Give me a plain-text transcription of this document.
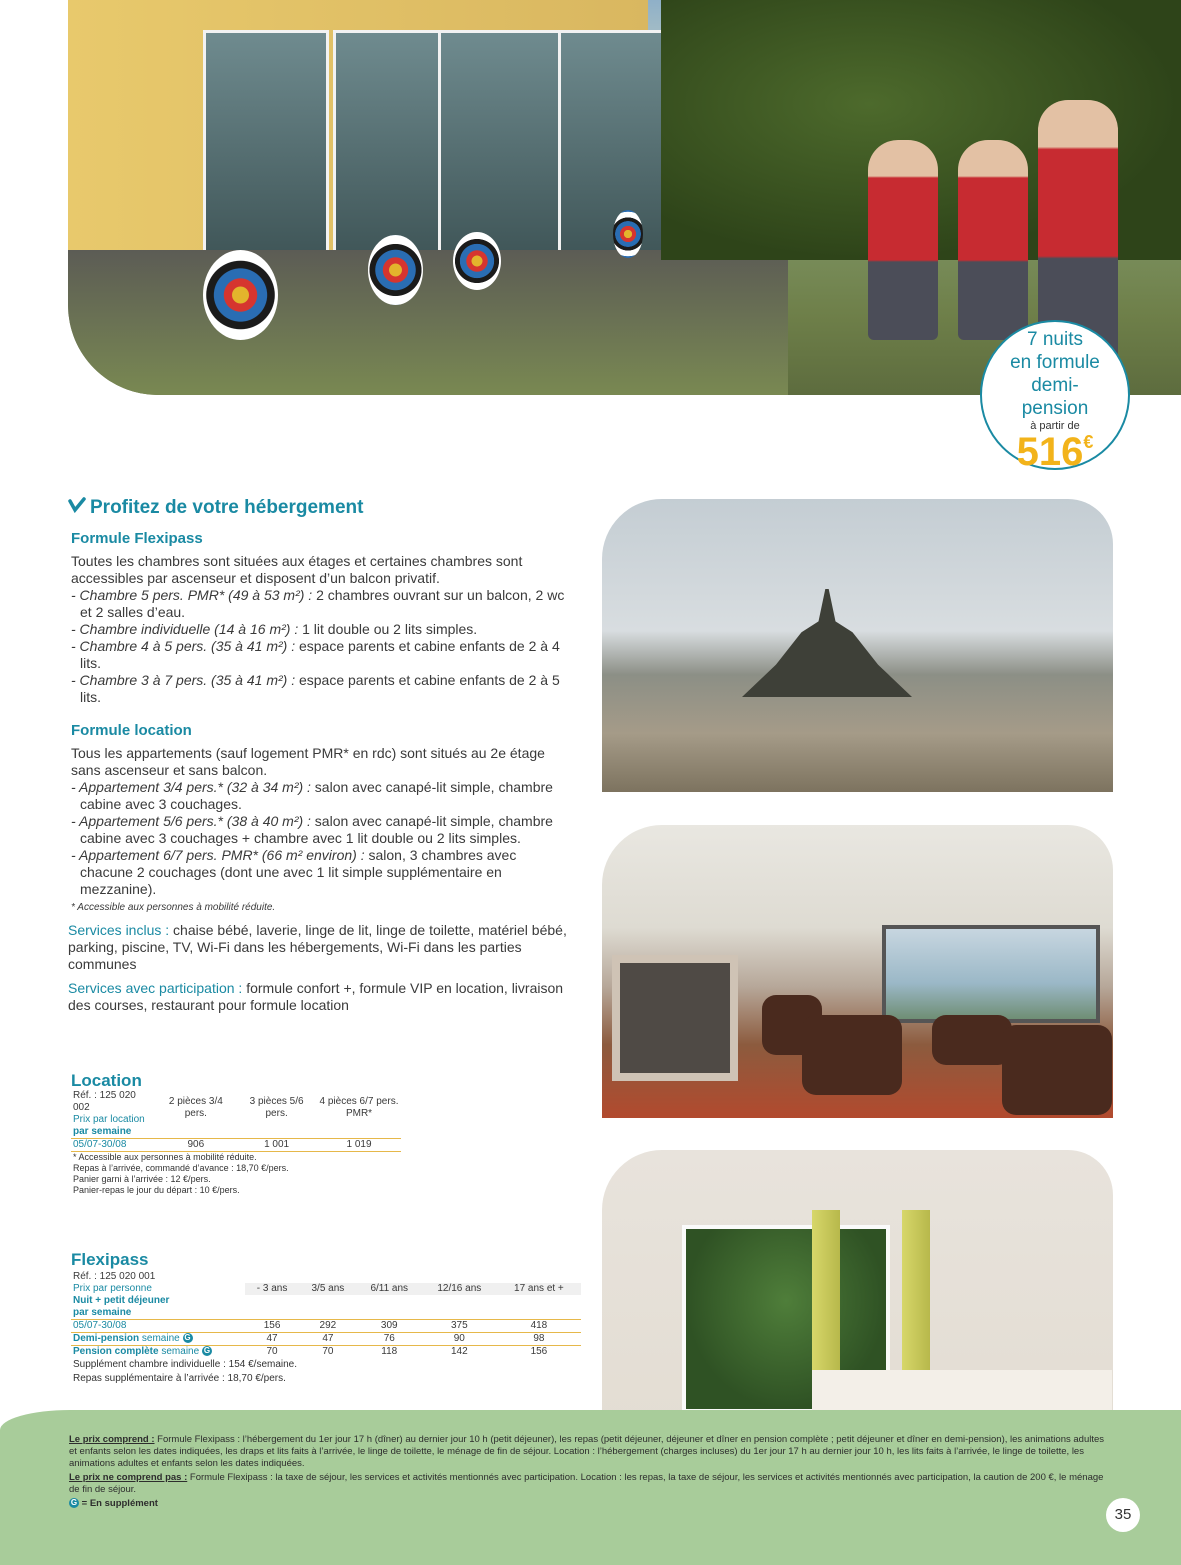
7 nuits
en formule
demi-
pension
à partir de
516€
Profitez de votre hébergement
Formule Flexipass

Toutes les chambres sont situées aux étages et certaines chambres sont accessibles par ascenseur et disposent d’un balcon privatif.

- Chambre 5 pers. PMR* (49 à 53 m²) : 2 chambres ouvrant sur un balcon, 2 wc et 2 salles d’eau.

- Chambre individuelle (14 à 16 m²) : 1 lit double ou 2 lits simples.

- Chambre 4 à 5 pers. (35 à 41 m²) : espace parents et cabine enfants de 2 à 4 lits.

- Chambre 3 à 7 pers. (35 à 41 m²) : espace parents et cabine enfants de 2 à 5 lits.

Formule location

Tous les appartements (sauf logement PMR* en rdc) sont situés au 2e étage sans ascenseur et sans balcon.

- Appartement 3/4 pers.* (32 à 34 m²) : salon avec canapé-lit simple, chambre cabine avec 3 couchages.

- Appartement 5/6 pers.* (38 à 40 m²) : salon avec canapé-lit simple, chambre cabine avec 3 couchages + chambre avec 1 lit double ou 2 lits simples.

- Appartement 6/7 pers. PMR* (66 m² environ) : salon, 3 chambres avec chacune 2 couchages (dont une avec 1 lit simple supplémentaire en mezzanine).

* Accessible aux personnes à mobilité réduite.
Services inclus : chaise bébé, laverie, linge de lit, linge de toilette, matériel bébé, parking, piscine, TV, Wi-Fi dans les hébergements, Wi-Fi dans les parties communes
Services avec participation : formule confort +, formule VIP en location, livraison des courses, restaurant pour formule location
Location
Réf. : 125 020 002	2 pièces 3/4 pers.	3 pièces 5/6 pers.	4 pièces 6/7 pers. PMR*
Prix par location			
par semaine			
05/07-30/08	906	1 001	1 019
* Accessible aux personnes à mobilité réduite.			
Repas à l’arrivée, commandé d’avance : 18,70 €/pers.			
Panier garni à l’arrivée : 12 €/pers.			
Panier-repas le jour du départ : 10 €/pers.			
Flexipass
Réf. : 125 020 001					
Prix par personne	- 3 ans	3/5 ans	6/11 ans	12/16 ans	17 ans et +
Nuit + petit déjeuner					
par semaine					
05/07-30/08	156	292	309	375	418
Demi-pension semaine G	47	47	76	90	98
Pension complète semaine G	70	70	118	142	156
Supplément chambre individuelle : 154 €/semaine.					
Repas supplémentaire à l’arrivée : 18,70 €/pers.					

Le prix comprend : Formule Flexipass : l’hébergement du 1er jour 17 h (dîner) au dernier jour 10 h (petit déjeuner), les repas (petit déjeuner, déjeuner et dîner en pension complète ; petit déjeuner et dîner en demi-pension), les animations adultes et enfants selon les dates indiquées, les draps et lits faits à l’arrivée, le linge de toilette, le ménage de fin de séjour. Location : l’hébergement (charges incluses) du 1er jour 17 h au dernier jour 10 h, les lits faits à l’arrivée, le linge de toilette, les animations adultes et enfants selon les dates indiquées.

Le prix ne comprend pas : Formule Flexipass : la taxe de séjour, les services et activités mentionnés avec participation. Location : les repas, la taxe de séjour, les services et activités mentionnés avec participation, la caution de 200 €, le ménage de fin de séjour.

G = En supplément

35
